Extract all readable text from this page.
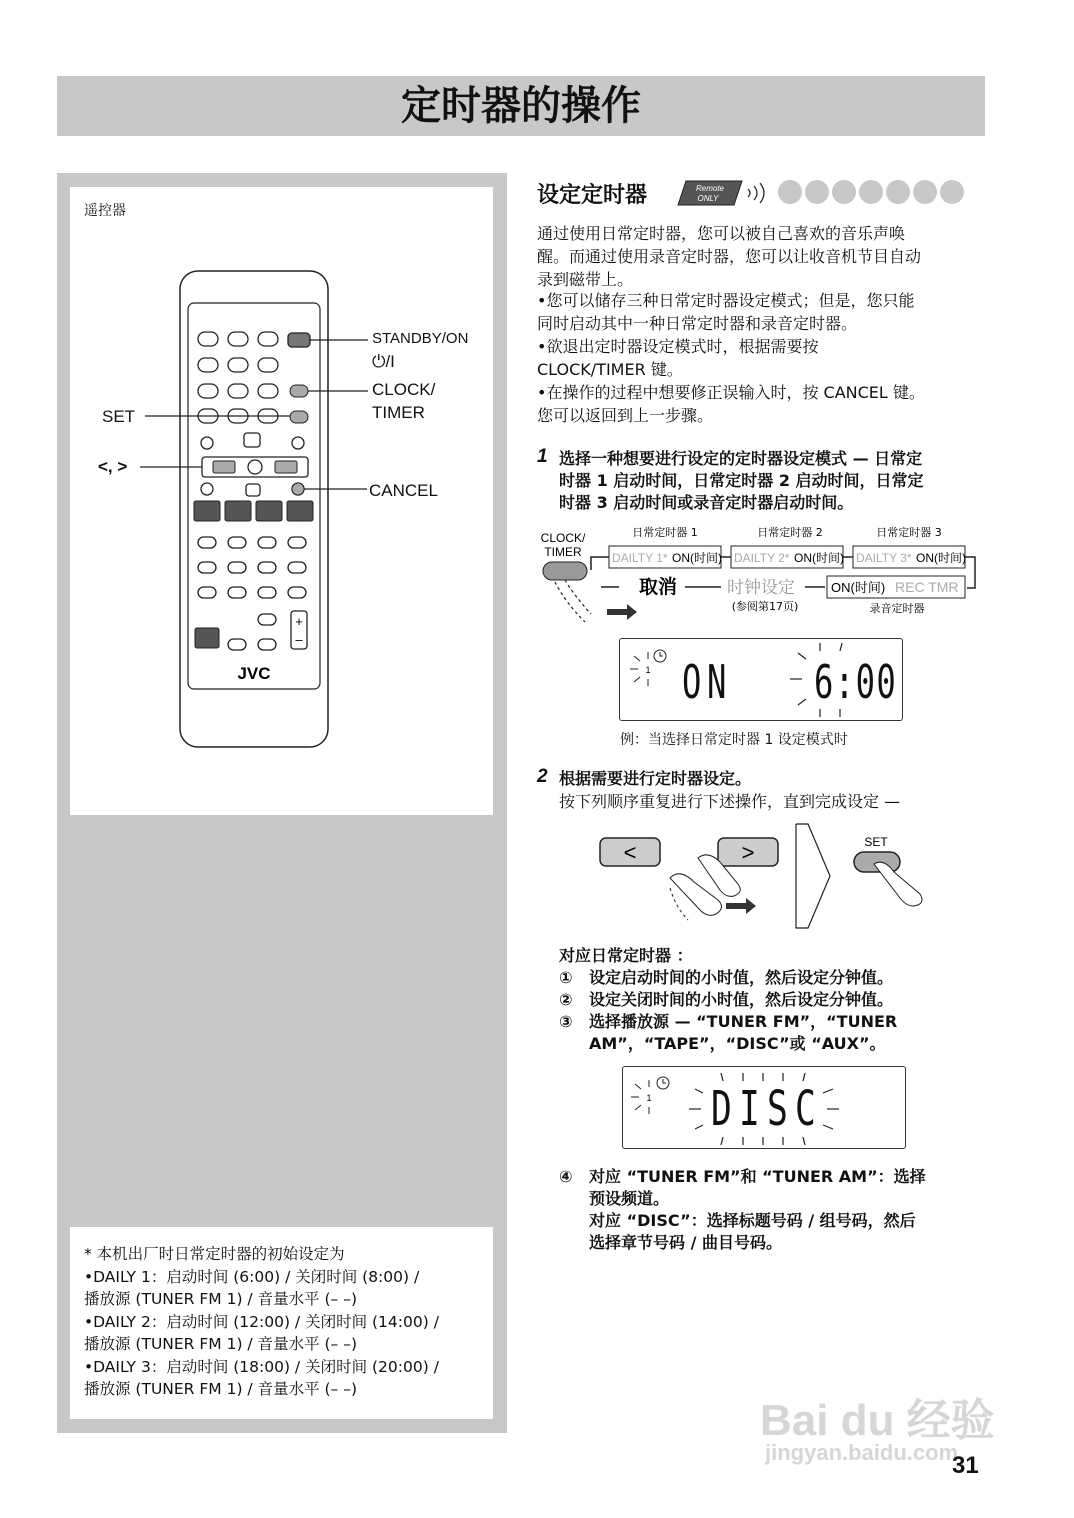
定时器的操作
遥控器
+
–
JVC
STANDBY/ON
⏻/I
CLOCK/
TIMER
SET
<, >
CANCEL
* 本机出厂时日常定时器的初始设定为
•DAILY 1：启动时间 (6:00) / 关闭时间 (8:00) /
播放源 (TUNER FM 1) / 音量水平 (– –)
•DAILY 2：启动时间 (12:00) / 关闭时间 (14:00) /
播放源 (TUNER FM 1) / 音量水平 (– –)
•DAILY 3：启动时间 (18:00) / 关闭时间 (20:00) /
播放源 (TUNER FM 1) / 音量水平 (– –)
设定定时器	Remote
ONLY
通过使用日常定时器，您可以被自己喜欢的音乐声唤
醒。而通过使用录音定时器，您可以让收音机节目自动
录到磁带上。
•您可以储存三种日常定时器设定模式；但是，您只能
同时启动其中一种日常定时器和录音定时器。
•欲退出定时器设定模式时，根据需要按
CLOCK/TIMER 键。
•在操作的过程中想要修正误输入时，按 CANCEL 键。
您可以返回到上一步骤。
1 选择一种想要进行设定的定时器设定模式 — 日常定
时器 1 启动时间，日常定时器 2 启动时间，日常定
时器 3 启动时间或录音定时器启动时间。
CLOCK/
TIMER
日常定时器 1	日常定时器 2	日常定时器 3
DAILTY 1* ON(时间) DAILTY 2* ON(时间) DAILTY 3* ON(时间)
ON(时间) REC TMR
录音定时器
时钟设定
(参阅第17页)
取消
1 ON 6:00
例：当选择日常定时器 1 设定模式时
2 根据需要进行定时器设定。
按下列顺序重复进行下述操作，直到完成设定 —
<	>	SET
对应日常定时器 ：
①	设定启动时间的小时值，然后设定分钟值。
②	设定关闭时间的小时值，然后设定分钟值。
③	选择播放源 — “TUNER FM”，“TUNER
AM”，“TAPE”，“DISC”或 “AUX”。
1 DISC
④	对应 “TUNER FM”和 “TUNER AM”：选择
预设频道。
对应 “DISC”：选择标题号码 / 组号码，然后
选择章节号码 / 曲目号码。
Bai du 经验
jingyan.baidu.com
31
